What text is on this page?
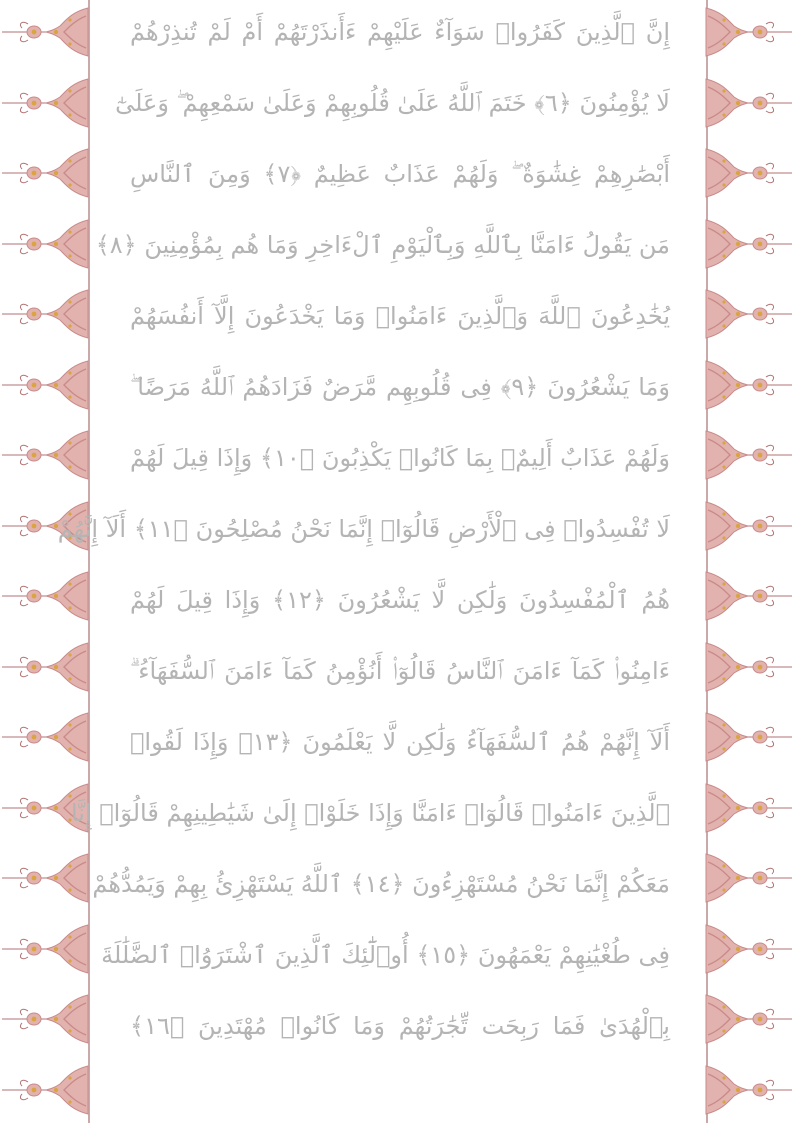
إِنَّ ٱلَّذِينَ كَفَرُوا۟ سَوَآءٌ عَلَيْهِمْ ءَأَنذَرْتَهُمْ أَمْ لَمْ تُنذِرْهُمْ
لَا يُؤْمِنُونَ ﴿٦﴾ خَتَمَ ٱللَّهُ عَلَىٰ قُلُوبِهِمْ وَعَلَىٰ سَمْعِهِمْ ۖ وَعَلَىٰٓ
أَبْصَٰرِهِمْ غِشَٰوَةٌ ۖ وَلَهُمْ عَذَابٌ عَظِيمٌ ﴿٧﴾ وَمِنَ ٱلنَّاسِ
مَن يَقُولُ ءَامَنَّا بِٱللَّهِ وَبِٱلْيَوْمِ ٱلْءَاخِرِ وَمَا هُم بِمُؤْمِنِينَ ﴿٨﴾
يُخَٰدِعُونَ ٱللَّهَ وَٱلَّذِينَ ءَامَنُوا۟ وَمَا يَخْدَعُونَ إِلَّآ أَنفُسَهُمْ
وَمَا يَشْعُرُونَ ﴿٩﴾ فِى قُلُوبِهِم مَّرَضٌ فَزَادَهُمُ ٱللَّهُ مَرَضًا ۖ
وَلَهُمْ عَذَابٌ أَلِيمٌۢ بِمَا كَانُوا۟ يَكْذِبُونَ ﴿١٠﴾ وَإِذَا قِيلَ لَهُمْ
لَا تُفْسِدُوا۟ فِى ٱلْأَرْضِ قَالُوٓا۟ إِنَّمَا نَحْنُ مُصْلِحُونَ ﴿١١﴾ أَلَآ إِنَّهُمْ
هُمُ ٱلْمُفْسِدُونَ وَلَٰكِن لَّا يَشْعُرُونَ ﴿١٢﴾ وَإِذَا قِيلَ لَهُمْ
ءَامِنُوا۟ كَمَآ ءَامَنَ ٱلنَّاسُ قَالُوٓا۟ أَنُؤْمِنُ كَمَآ ءَامَنَ ٱلسُّفَهَآءُ ۗ
أَلَآ إِنَّهُمْ هُمُ ٱلسُّفَهَآءُ وَلَٰكِن لَّا يَعْلَمُونَ ﴿١٣﴾ وَإِذَا لَقُوا۟
ٱلَّذِينَ ءَامَنُوا۟ قَالُوٓا۟ ءَامَنَّا وَإِذَا خَلَوْا۟ إِلَىٰ شَيَٰطِينِهِمْ قَالُوٓا۟ إِنَّا
مَعَكُمْ إِنَّمَا نَحْنُ مُسْتَهْزِءُونَ ﴿١٤﴾ ٱللَّهُ يَسْتَهْزِئُ بِهِمْ وَيَمُدُّهُمْ
فِى طُغْيَٰنِهِمْ يَعْمَهُونَ ﴿١٥﴾ أُو۟لَٰٓئِكَ ٱلَّذِينَ ٱشْتَرَوُا۟ ٱلضَّلَٰلَةَ
بِٱلْهُدَىٰ فَمَا رَبِحَت تِّجَٰرَتُهُمْ وَمَا كَانُوا۟ مُهْتَدِينَ ﴿١٦﴾
